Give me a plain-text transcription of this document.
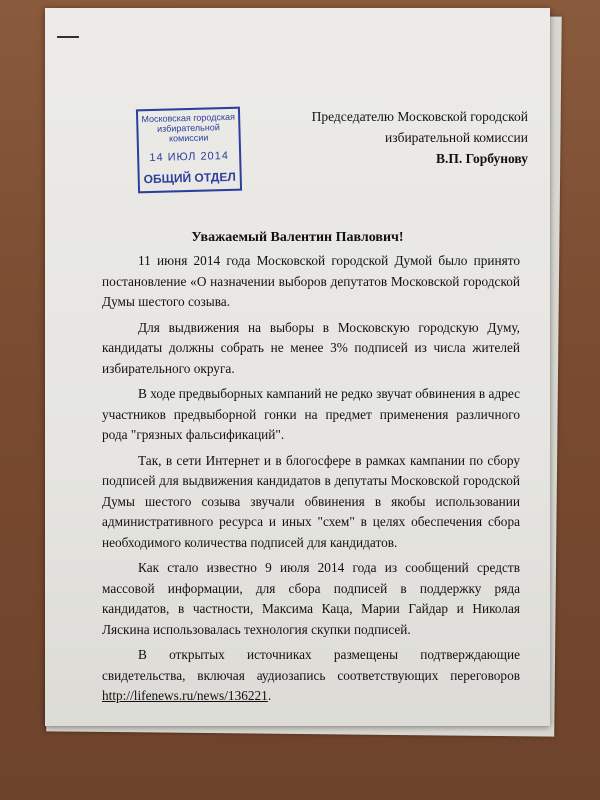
Московская городская
избирательной комиссии
14 ИЮЛ 2014
ОБЩИЙ ОТДЕЛ
Председателю Московской городской
избирательной комиссии
В.П. Горбунову
Уважаемый Валентин Павлович!

11 июня 2014 года Московской городской Думой было принято постановление «О назначении выборов депутатов Московской городской Думы шестого созыва.

Для выдвижения на выборы в Московскую городскую Думу, кандидаты должны собрать не менее 3% подписей из числа жителей избирательного округа.

В ходе предвыборных кампаний не редко звучат обвинения в адрес участников предвыборной гонки на предмет применения различного рода "грязных фальсификаций".

Так, в сети Интернет и в блогосфере в рамках кампании по сбору подписей для выдвижения кандидатов в депутаты Московской городской Думы шестого созыва звучали обвинения в якобы использовании административного ресурса и иных "схем" в целях обеспечения сбора необходимого количества подписей для кандидатов.

Как стало известно 9 июля 2014 года из сообщений средств массовой информации, для сбора подписей в поддержку ряда кандидатов, в частности, Максима Каца, Марии Гайдар и Николая Ляскина использовалась технология скупки подписей.

В открытых источниках размещены подтверждающие свидетельства, включая аудиозапись соответствующих переговоров http://lifenews.ru/news/136221.
